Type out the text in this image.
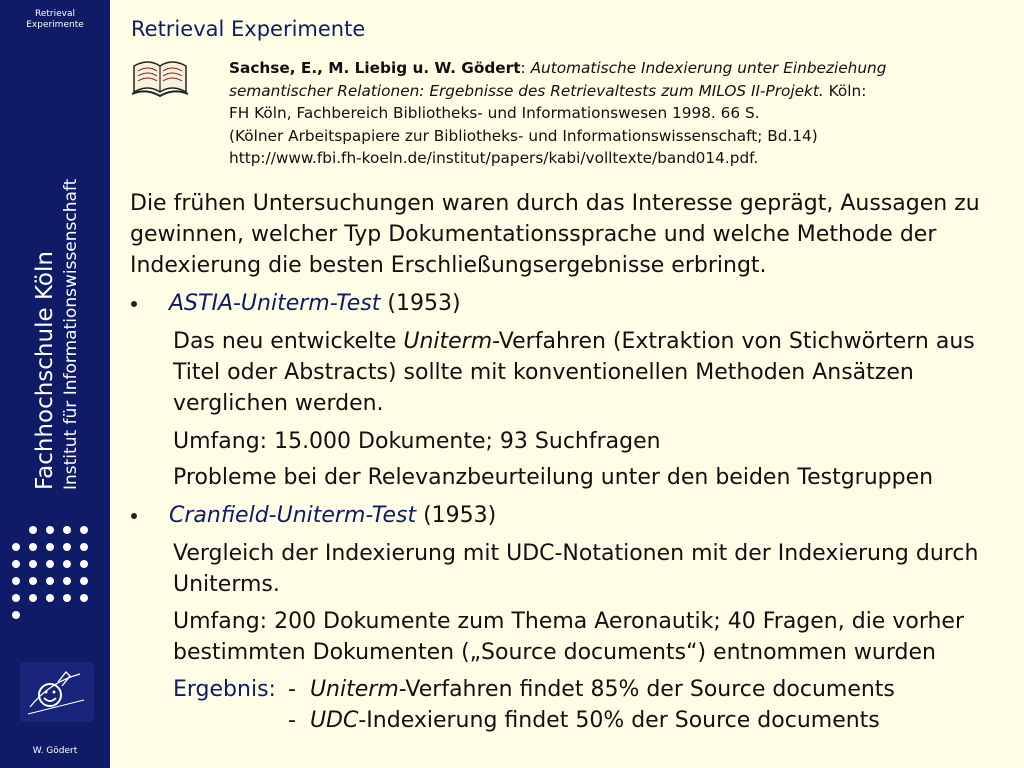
Retrieval
Experimente
Fachhochschule Köln Institut für Informationswissenschaft
W. Gödert
Retrieval Experimente
Sachse, E., M. Liebig u. W. Gödert: Automatische Indexierung unter Einbeziehung
semantischer Relationen: Ergebnisse des Retrievaltests zum MILOS II-Projekt. Köln:
FH Köln, Fachbereich Bibliotheks- und Informationswesen 1998. 66 S.
(Kölner Arbeitspapiere zur Bibliotheks- und Informationswissenschaft; Bd.14)
http://www.fbi.fh-koeln.de/institut/papers/kabi/volltexte/band014.pdf.
Die frühen Untersuchungen waren durch das Interesse geprägt, Aussagen zu gewinnen, welcher Typ Dokumentationssprache und welche Methode der Indexierung die besten Erschließungsergebnisse erbringt.
ASTIA-Uniterm-Test (1953)
Das neu entwickelte Uniterm-Verfahren (Extraktion von Stichwörtern aus Titel oder Abstracts) sollte mit konventionellen Methoden Ansätzen verglichen werden.
Umfang: 15.000 Dokumente; 93 Suchfragen
Probleme bei der Relevanzbeurteilung unter den beiden Testgruppen
Cranfield-Uniterm-Test (1953)
Vergleich der Indexierung mit UDC-Notationen mit der Indexierung durch Uniterms.
Umfang: 200 Dokumente zum Thema Aeronautik; 40 Fragen, die vorher bestimmten Dokumenten („Source documents“) entnommen wurden
Ergebnis: - Uniterm-Verfahren findet 85% der Source documents
- UDC-Indexierung findet 50% der Source documents
